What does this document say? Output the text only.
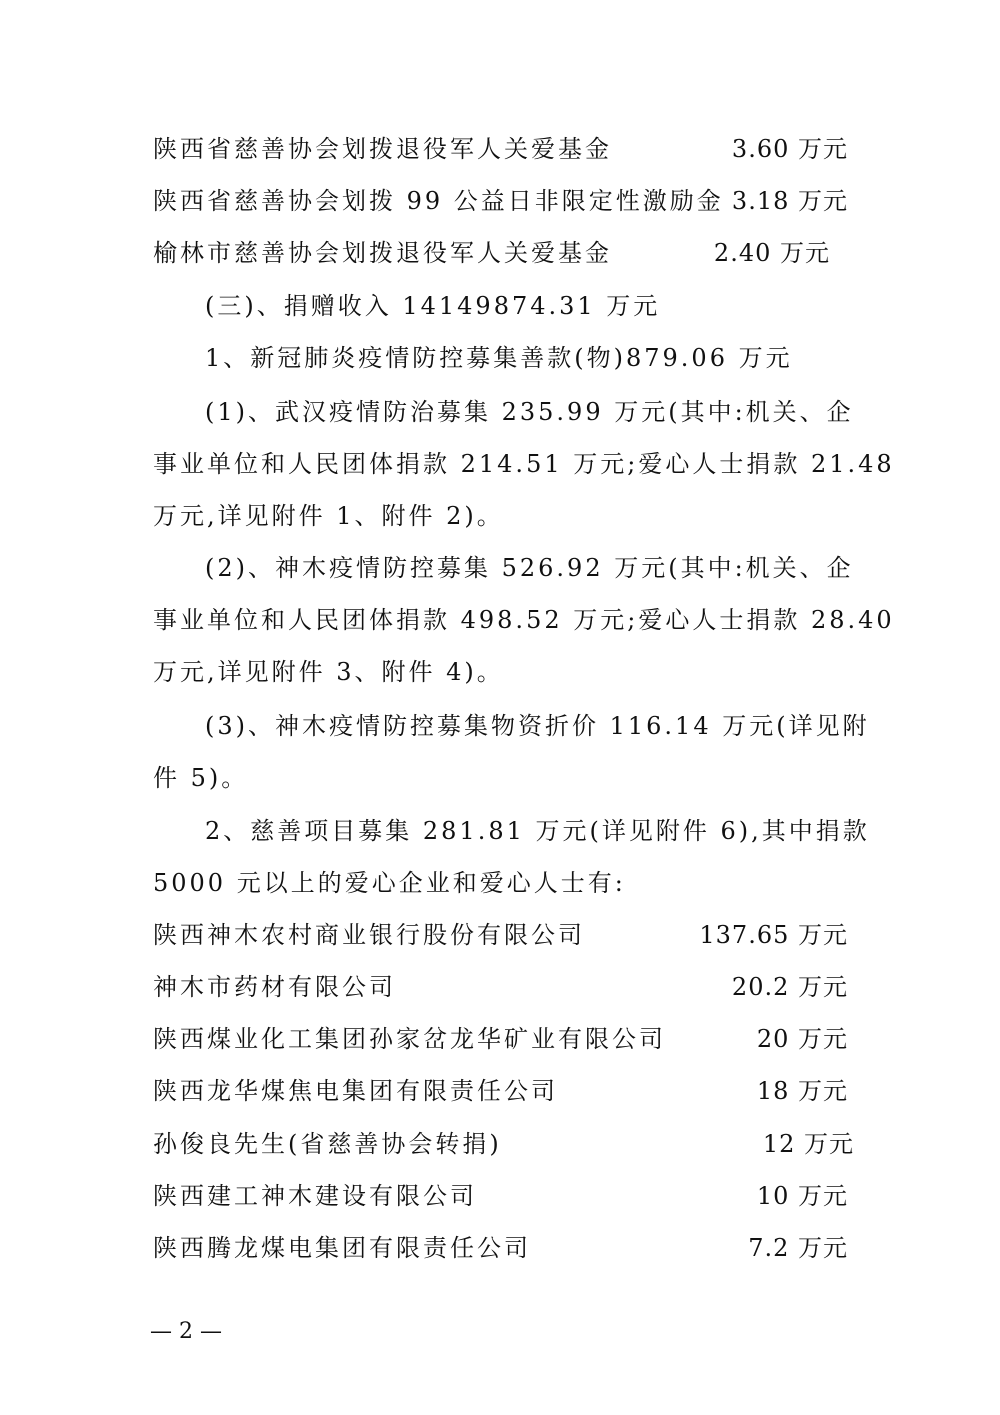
陕西省慈善协会划拨退役军人关爱基金	3.60 万元
陕西省慈善协会划拨 99 公益日非限定性激励金 3.18 万元
榆林市慈善协会划拨退役军人关爱基金	2.40 万元
(三)、捐赠收入 14149874.31 万元
1、新冠肺炎疫情防控募集善款(物)879.06 万元
(1)、武汉疫情防治募集 235.99 万元(其中:机关、企
事业单位和人民团体捐款 214.51 万元;爱心人士捐款 21.48
万元,详见附件 1、附件 2)。
(2)、神木疫情防控募集 526.92 万元(其中:机关、企
事业单位和人民团体捐款 498.52 万元;爱心人士捐款 28.40
万元,详见附件 3、附件 4)。
(3)、神木疫情防控募集物资折价 116.14 万元(详见附
件 5)。
2、慈善项目募集 281.81 万元(详见附件 6),其中捐款
5000 元以上的爱心企业和爱心人士有:
陕西神木农村商业银行股份有限公司	137.65 万元
神木市药材有限公司	20.2 万元
陕西煤业化工集团孙家岔龙华矿业有限公司	20 万元
陕西龙华煤焦电集团有限责任公司	18 万元
孙俊良先生(省慈善协会转捐)	12 万元
陕西建工神木建设有限公司	10 万元
陕西腾龙煤电集团有限责任公司	7.2 万元
— 2 —
